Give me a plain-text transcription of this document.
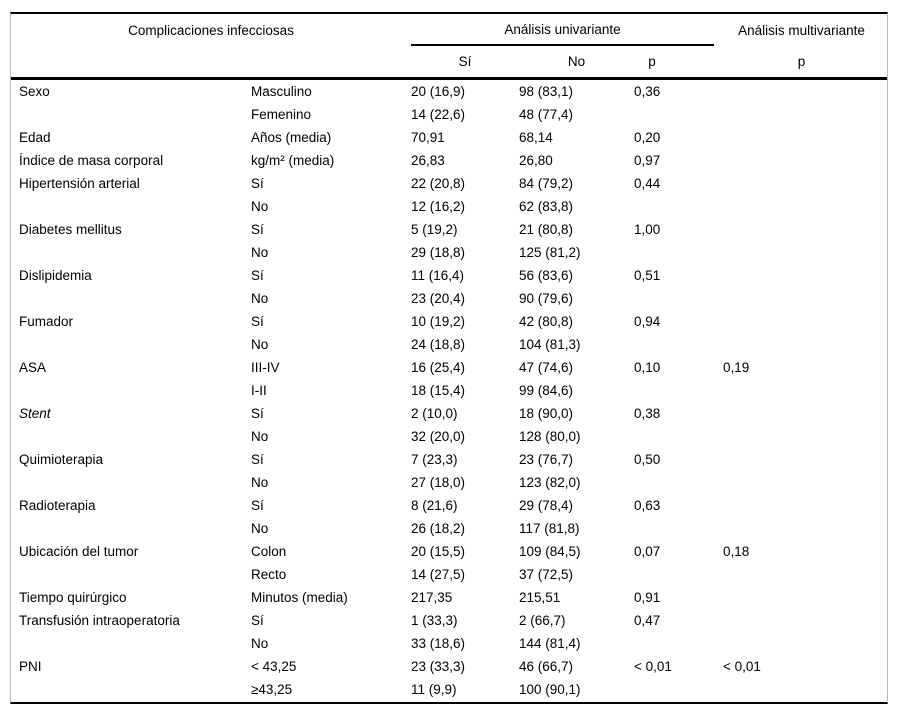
Complicaciones infecciosas		Análisis univariante			Análisis multivariante
		Sí	No	p	p
Sexo	Masculino	20 (16,9)	98 (83,1)	0,36	
	Femenino	14 (22,6)	48 (77,4)		
Edad	Años (media)	70,91	68,14	0,20	
Índice de masa corporal	kg/m² (media)	26,83	26,80	0,97	
Hipertensión arterial	Sí	22 (20,8)	84 (79,2)	0,44	
	No	12 (16,2)	62 (83,8)		
Diabetes mellitus	Sí	5 (19,2)	21 (80,8)	1,00	
	No	29 (18,8)	125 (81,2)		
Dislipidemia	Sí	11 (16,4)	56 (83,6)	0,51	
	No	23 (20,4)	90 (79,6)		
Fumador	Sí	10 (19,2)	42 (80,8)	0,94	
	No	24 (18,8)	104 (81,3)		
ASA	III-IV	16 (25,4)	47 (74,6)	0,10	0,19
	I-II	18 (15,4)	99 (84,6)		
Stent	Sí	2 (10,0)	18 (90,0)	0,38	
	No	32 (20,0)	128 (80,0)		
Quimioterapia	Sí	7 (23,3)	23 (76,7)	0,50	
	No	27 (18,0)	123 (82,0)		
Radioterapia	Sí	8 (21,6)	29 (78,4)	0,63	
	No	26 (18,2)	117 (81,8)		
Ubicación del tumor	Colon	20 (15,5)	109 (84,5)	0,07	0,18
	Recto	14 (27,5)	37 (72,5)		
Tiempo quirúrgico	Minutos (media)	217,35	215,51	0,91	
Transfusión intraoperatoria	Sí	1 (33,3)	2 (66,7)	0,47	
	No	33 (18,6)	144 (81,4)		
PNI	< 43,25	23 (33,3)	46 (66,7)	< 0,01	< 0,01
	≥43,25	11 (9,9)	100 (90,1)		
